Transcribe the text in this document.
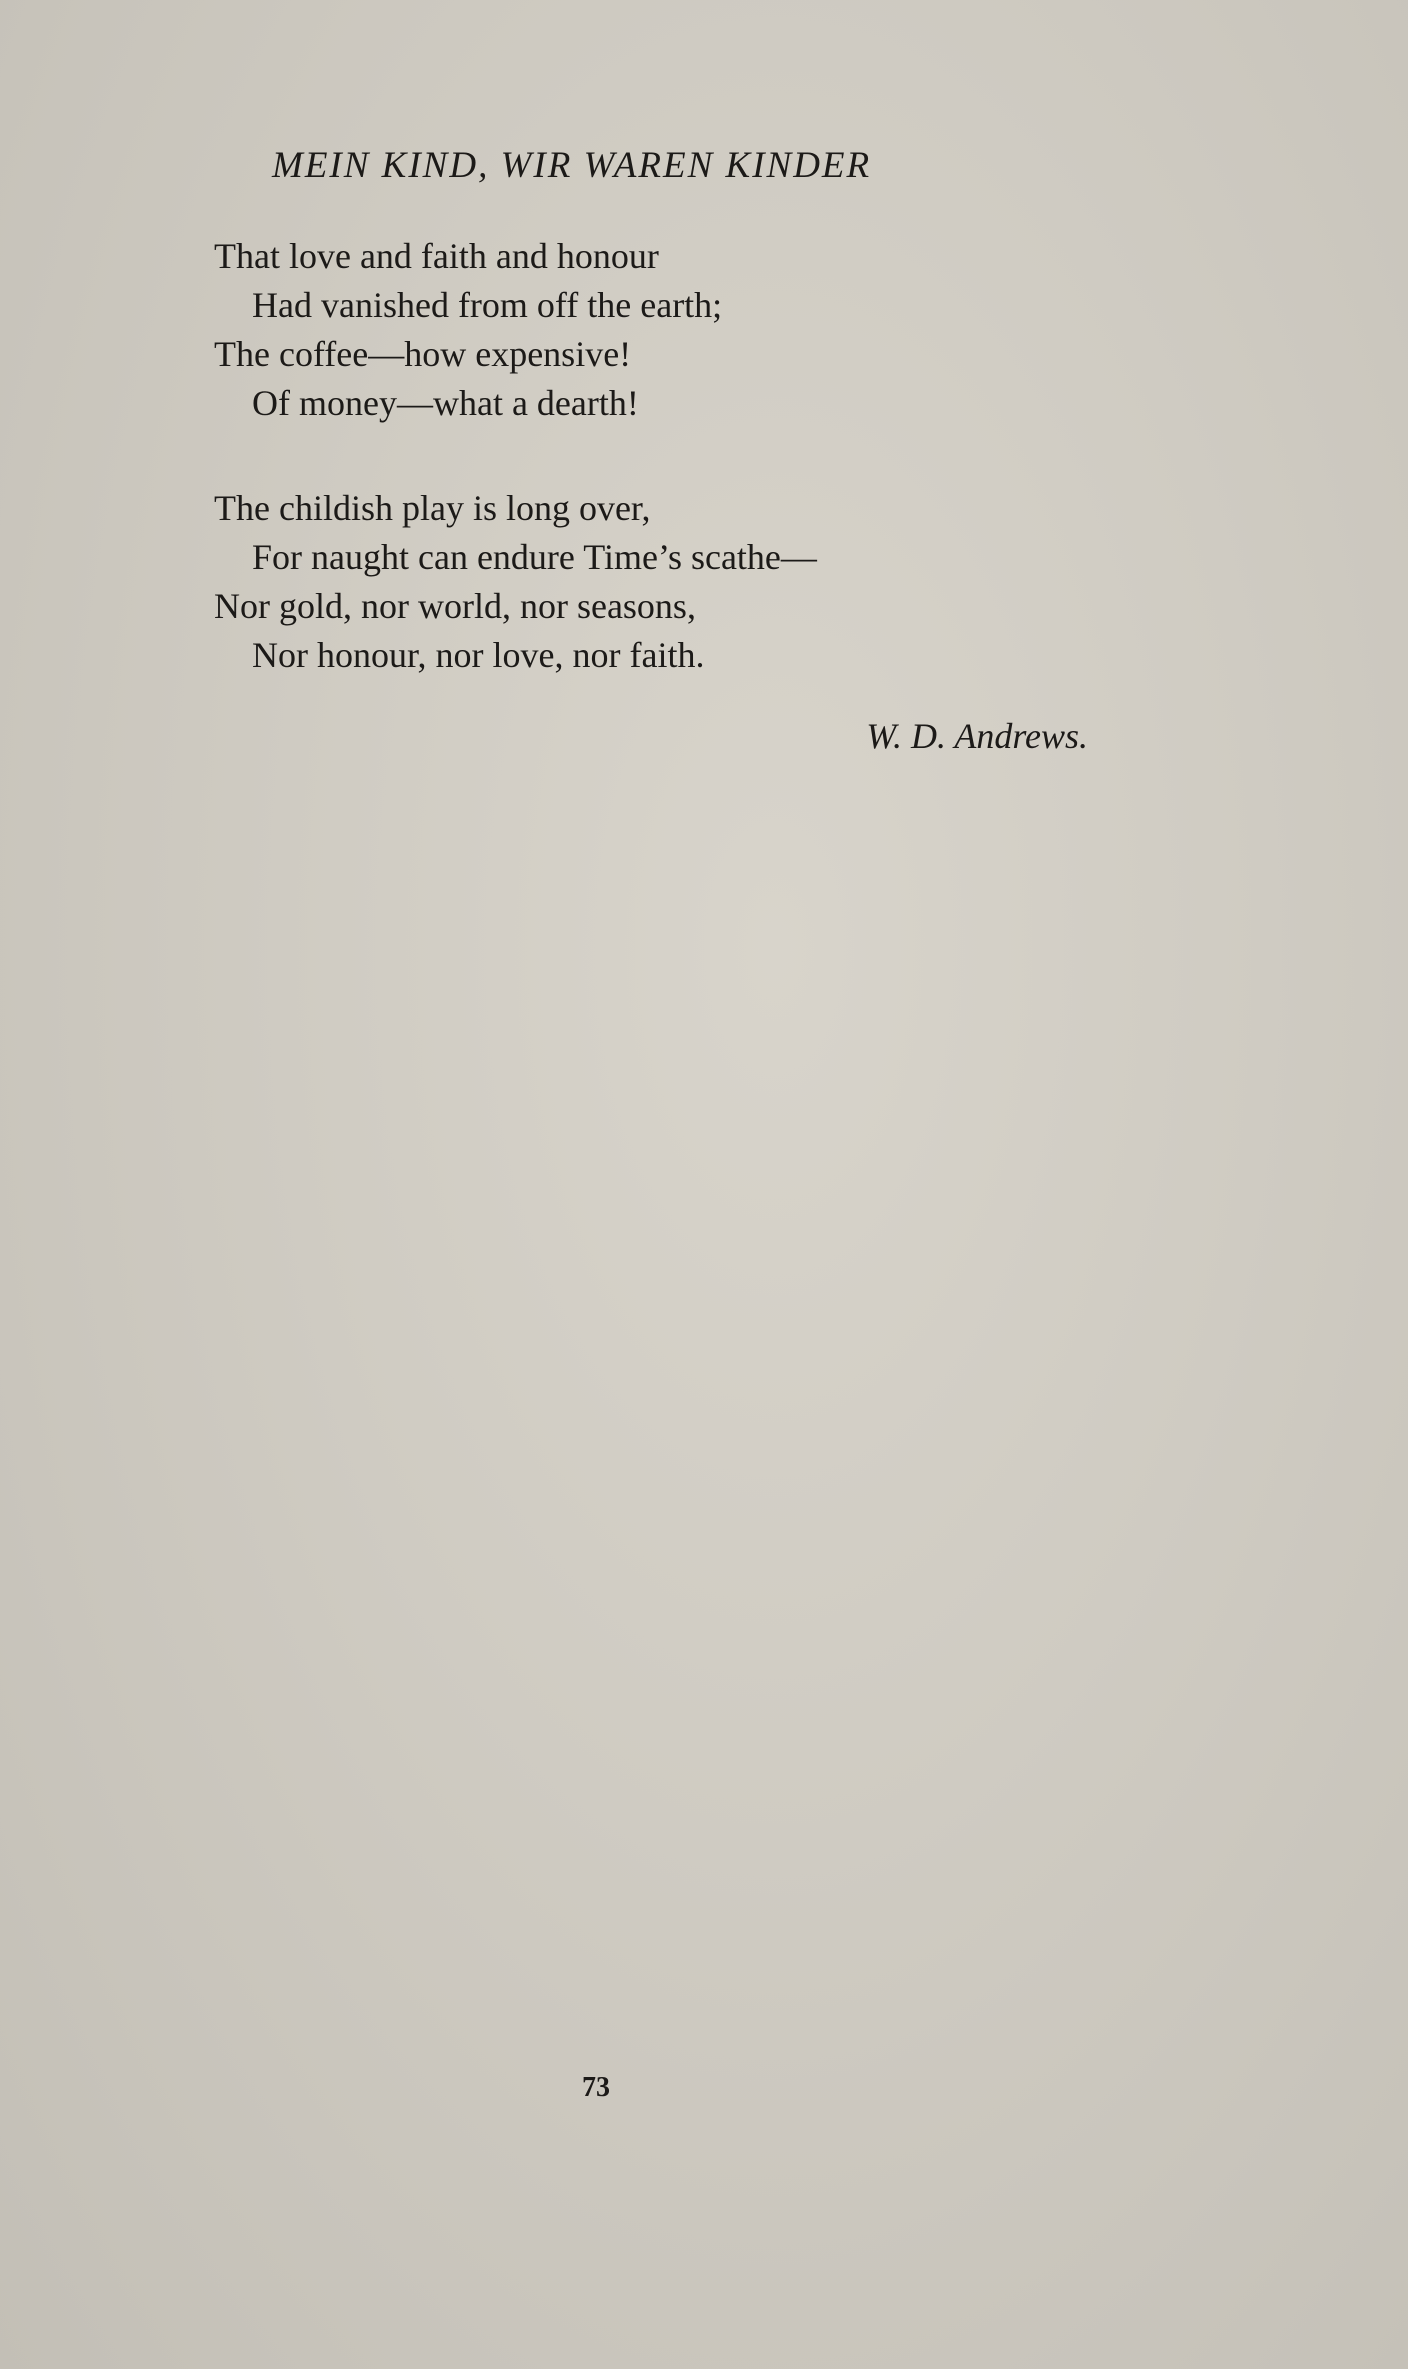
MEIN KIND, WIR WAREN KINDER
That love and faith and honour
Had vanished from off the earth;
The coffee—how expensive!
Of money—what a dearth!
The childish play is long over,
For naught can endure Time’s scathe—
Nor gold, nor world, nor seasons,
Nor honour, nor love, nor faith.
W. D. Andrews.
73
